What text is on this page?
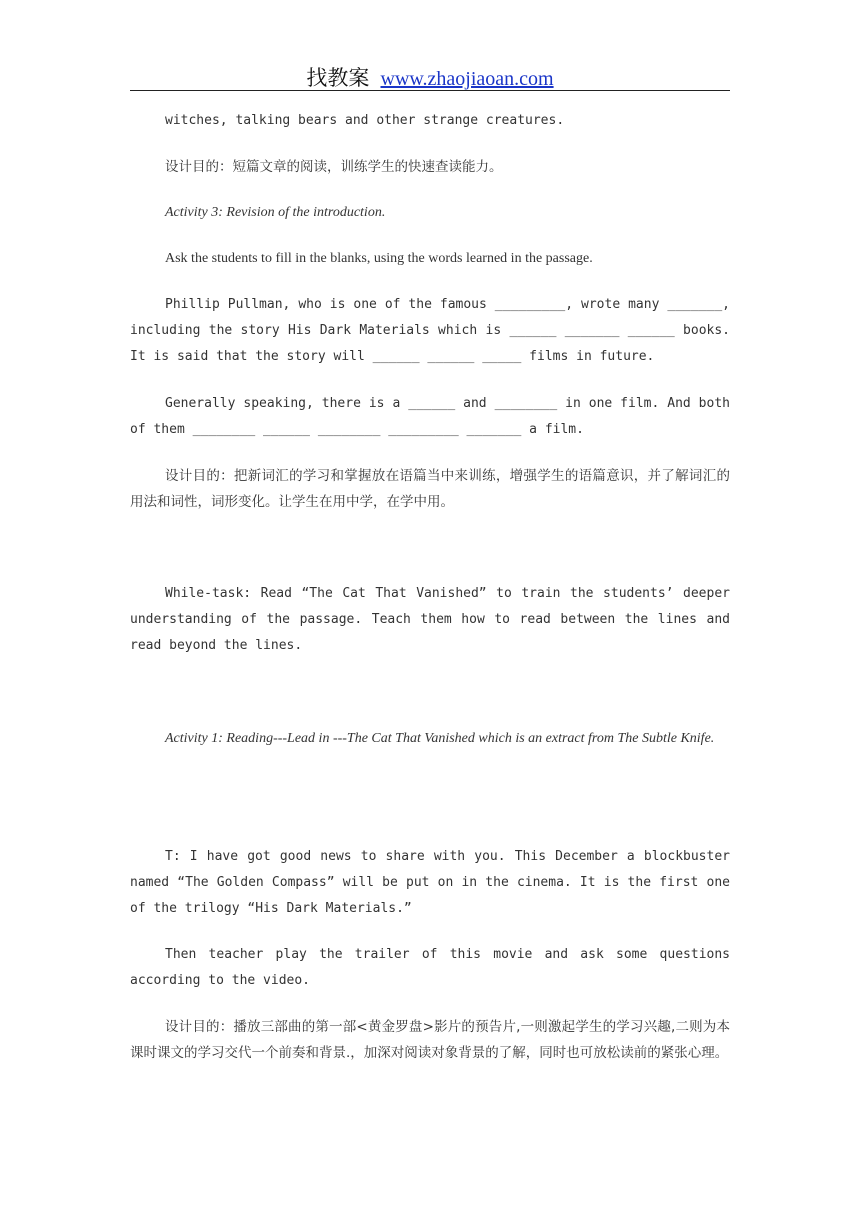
找教案 www.zhaojiaoan.com

witches, talking bears and other strange creatures.

设计目的：短篇文章的阅读，训练学生的快速查读能力。

Activity 3: Revision of the introduction.

Ask the students to fill in the blanks, using the words learned in the passage.

Phillip Pullman, who is one of the famous _________, wrote many _______, including the story His Dark Materials which is ______ _______ ______ books. It is said that the story will ______ ______ _____ films in future.

Generally speaking, there is a ______ and ________ in one film. And both of them ________ ______ ________ _________ _______ a film.

设计目的：把新词汇的学习和掌握放在语篇当中来训练，增强学生的语篇意识，并了解词汇的用法和词性，词形变化。让学生在用中学，在学中用。

While-task: Read “The Cat That Vanished” to train the students’ deeper understanding of the passage. Teach them how to read between the lines and read beyond the lines.

Activity 1: Reading---Lead in ---The Cat That Vanished which is an extract from The Subtle Knife.

T: I have got good news to share with you. This December a blockbuster named “The Golden Compass” will be put on in the cinema. It is the first one of the trilogy “His Dark Materials.”

Then teacher play the trailer of this movie and ask some questions according to the video.

设计目的：播放三部曲的第一部<黄金罗盘>影片的预告片,一则激起学生的学习兴趣,二则为本课时课文的学习交代一个前奏和背景.，加深对阅读对象背景的了解，同时也可放松读前的紧张心理。
